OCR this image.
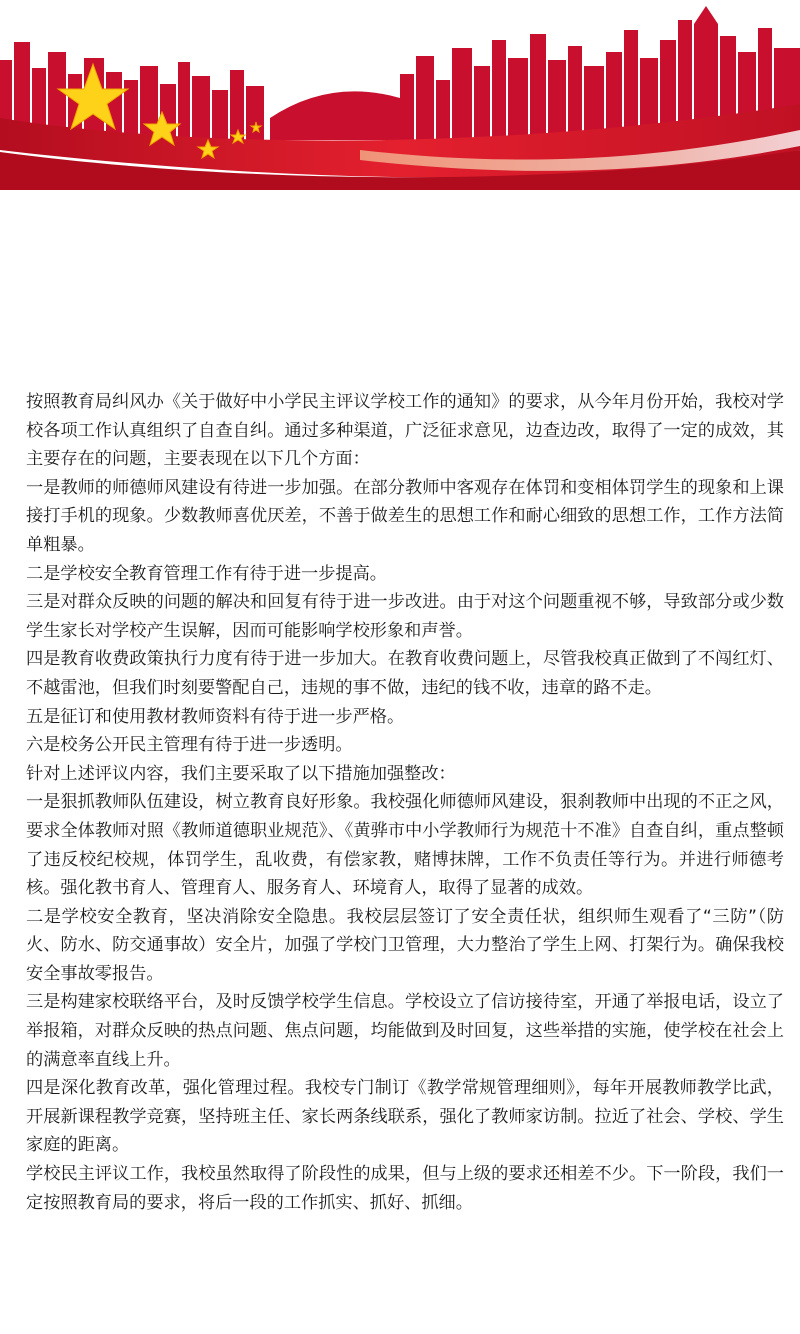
按照教育局纠风办《关于做好中小学民主评议学校工作的通知》的要求，从今年月份开始，我校对学校各项工作认真组织了自查自纠。通过多种渠道，广泛征求意见，边查边改，取得了一定的成效，其主要存在的问题，主要表现在以下几个方面：

一是教师的师德师风建设有待进一步加强。在部分教师中客观存在体罚和变相体罚学生的现象和上课接打手机的现象。少数教师喜优厌差，不善于做差生的思想工作和耐心细致的思想工作，工作方法简单粗暴。

二是学校安全教育管理工作有待于进一步提高。

三是对群众反映的问题的解决和回复有待于进一步改进。由于对这个问题重视不够，导致部分或少数学生家长对学校产生误解，因而可能影响学校形象和声誉。

四是教育收费政策执行力度有待于进一步加大。在教育收费问题上，尽管我校真正做到了不闯红灯、不越雷池，但我们时刻要警配自己，违规的事不做，违纪的钱不收，违章的路不走。

五是征订和使用教材教师资料有待于进一步严格。

六是校务公开民主管理有待于进一步透明。

针对上述评议内容，我们主要采取了以下措施加强整改：

一是狠抓教师队伍建设，树立教育良好形象。我校强化师德师风建设，狠刹教师中出现的不正之风，要求全体教师对照《教师道德职业规范》、《黄骅市中小学教师行为规范十不准》自查自纠，重点整顿了违反校纪校规，体罚学生，乱收费，有偿家教，赌博抹牌，工作不负责任等行为。并进行师德考核。强化教书育人、管理育人、服务育人、环境育人，取得了显著的成效。

二是学校安全教育，坚决消除安全隐患。我校层层签订了安全责任状，组织师生观看了“三防”（防火、防水、防交通事故）安全片，加强了学校门卫管理，大力整治了学生上网、打架行为。确保我校安全事故零报告。

三是构建家校联络平台，及时反馈学校学生信息。学校设立了信访接待室，开通了举报电话，设立了举报箱，对群众反映的热点问题、焦点问题，均能做到及时回复，这些举措的实施，使学校在社会上的满意率直线上升。

四是深化教育改革，强化管理过程。我校专门制订《教学常规管理细则》，每年开展教师教学比武，开展新课程教学竞赛，坚持班主任、家长两条线联系，强化了教师家访制。拉近了社会、学校、学生家庭的距离。

学校民主评议工作，我校虽然取得了阶段性的成果，但与上级的要求还相差不少。下一阶段，我们一定按照教育局的要求，将后一段的工作抓实、抓好、抓细。
